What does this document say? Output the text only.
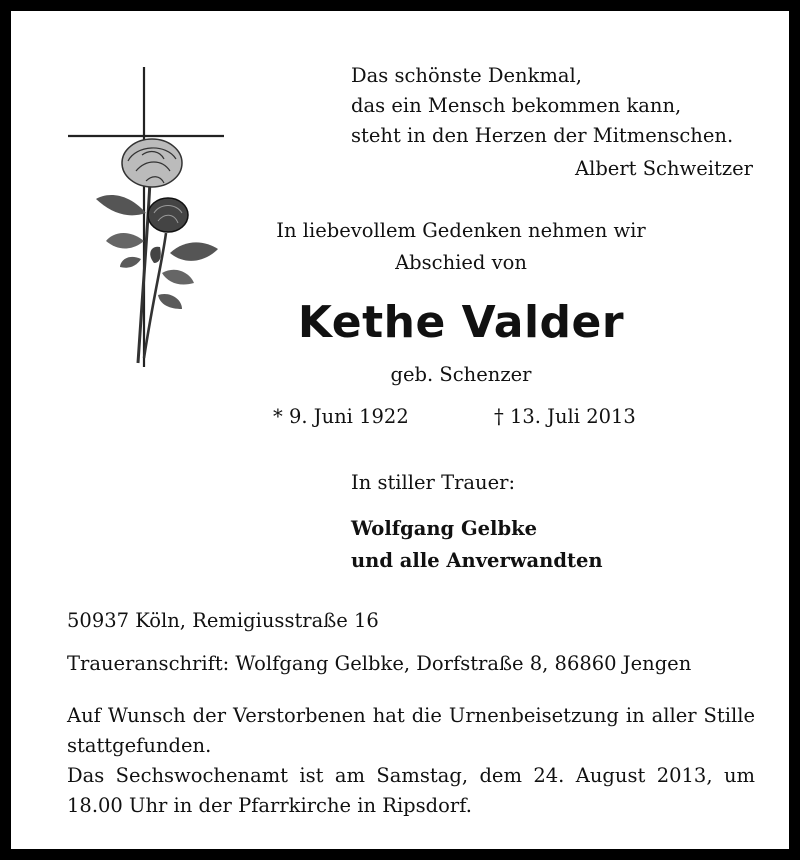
Das schönste Denkmal,
das ein Mensch bekommen kann,
steht in den Herzen der Mitmenschen.
Albert Schweitzer
In liebevollem Gedenken nehmen wir
Abschied von
Kethe Valder
geb. Schenzer
* 9. Juni 1922	† 13. Juli 2013
In stiller Trauer:
Wolfgang Gelbke
und alle Anverwandten
50937 Köln, Remigiusstraße 16
Traueranschrift: Wolfgang Gelbke, Dorfstraße 8, 86860 Jengen

Auf Wunsch der Verstorbenen hat die Urnenbeisetzung in aller Stille stattgefunden.

Das Sechswochenamt ist am Samstag, dem 24. August 2013, um 18.00 Uhr in der Pfarrkirche in Ripsdorf.
